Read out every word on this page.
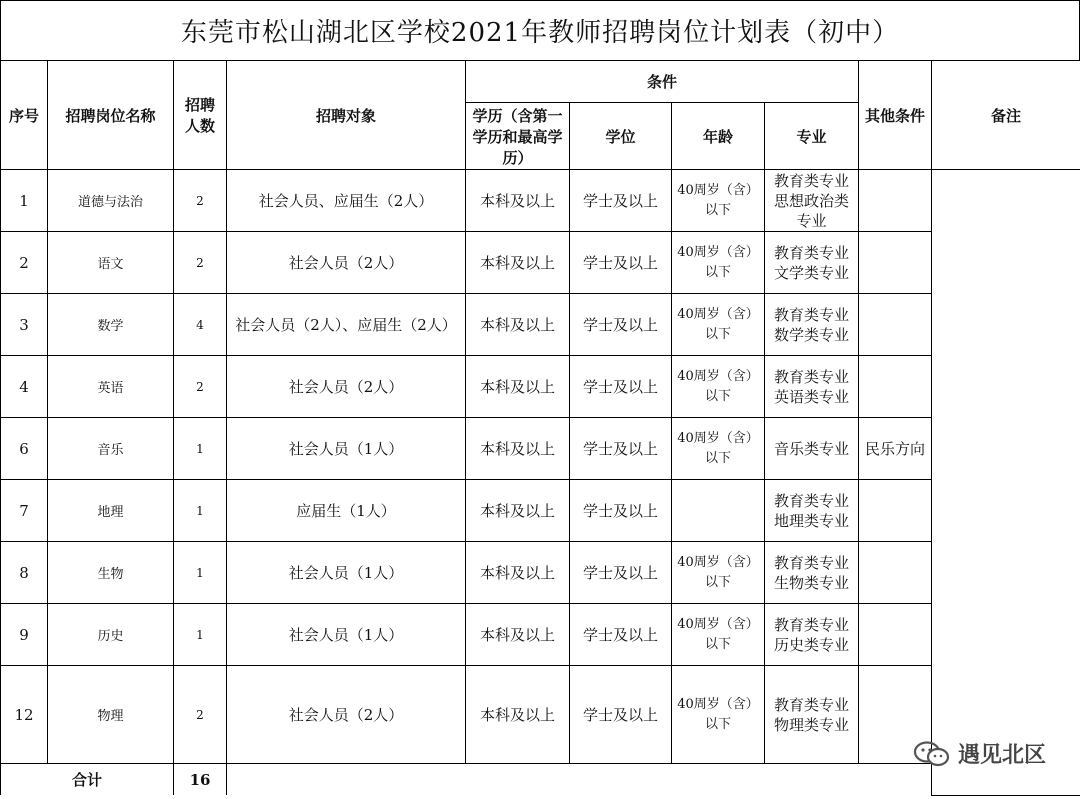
东莞市松山湖北区学校2021年教师招聘岗位计划表（初中）
序号	招聘岗位名称	招聘人数	招聘对象	条件				其他条件	备注
				学历（含第一学历和最高学历）	学位	年龄	专业		
1	道德与法治	2	社会人员、应届生（2人）	本科及以上	学士及以上	40周岁（含）以下	教育类专业思想政治类专业		
2	语文	2	社会人员（2人）	本科及以上	学士及以上	40周岁（含）以下	教育类专业文学类专业		
3	数学	4	社会人员（2人）、应届生（2人）	本科及以上	学士及以上	40周岁（含）以下	教育类专业数学类专业		
4	英语	2	社会人员（2人）	本科及以上	学士及以上	40周岁（含）以下	教育类专业英语类专业		
6	音乐	1	社会人员（1人）	本科及以上	学士及以上	40周岁（含）以下	音乐类专业	民乐方向	
7	地理	1	应届生（1人）	本科及以上	学士及以上		教育类专业地理类专业		
8	生物	1	社会人员（1人）	本科及以上	学士及以上	40周岁（含）以下	教育类专业生物类专业		
9	历史	1	社会人员（1人）	本科及以上	学士及以上	40周岁（含）以下	教育类专业历史类专业		
12	物理	2	社会人员（2人）	本科及以上	学士及以上	40周岁（含）以下	教育类专业物理类专业		
合计		16							
遇见北区
